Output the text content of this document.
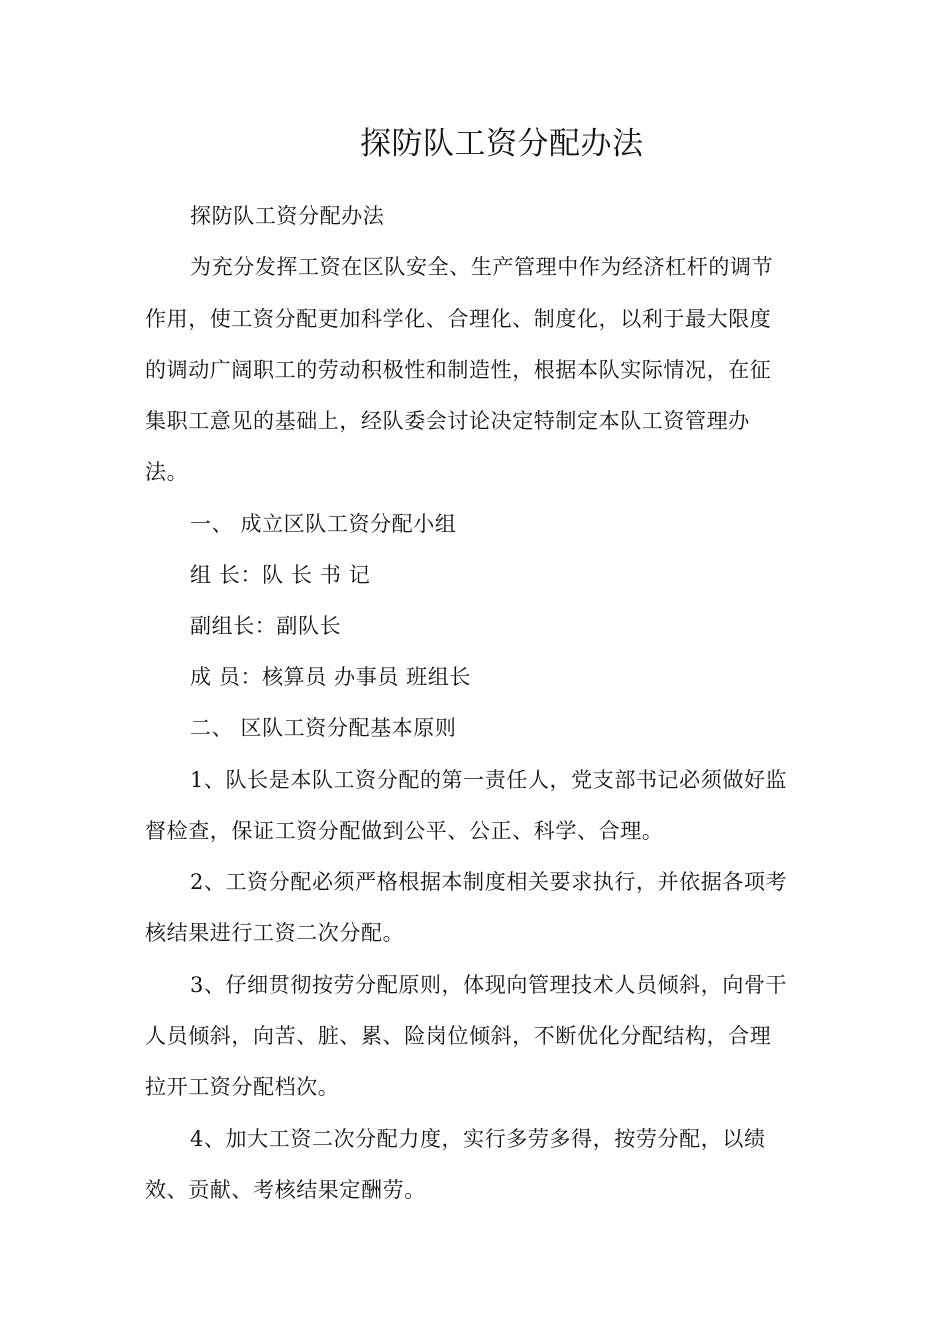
探防队工资分配办法
探防队工资分配办法
为充分发挥工资在区队安全、生产管理中作为经济杠杆的调节
作用，使工资分配更加科学化、合理化、制度化，以利于最大限度
的调动广阔职工的劳动积极性和制造性，根据本队实际情况，在征
集职工意见的基础上，经队委会讨论决定特制定本队工资管理办
法。
一、 成立区队工资分配小组
组 长：队 长 书 记
副组长：副队长
成 员：核算员 办事员 班组长
二、 区队工资分配基本原则
1、队长是本队工资分配的第一责任人，党支部书记必须做好监
督检查，保证工资分配做到公平、公正、科学、合理。
2、工资分配必须严格根据本制度相关要求执行，并依据各项考
核结果进行工资二次分配。
3、仔细贯彻按劳分配原则，体现向管理技术人员倾斜，向骨干
人员倾斜，向苦、脏、累、险岗位倾斜，不断优化分配结构，合理
拉开工资分配档次。
4、加大工资二次分配力度，实行多劳多得，按劳分配，以绩
效、贡献、考核结果定酬劳。
